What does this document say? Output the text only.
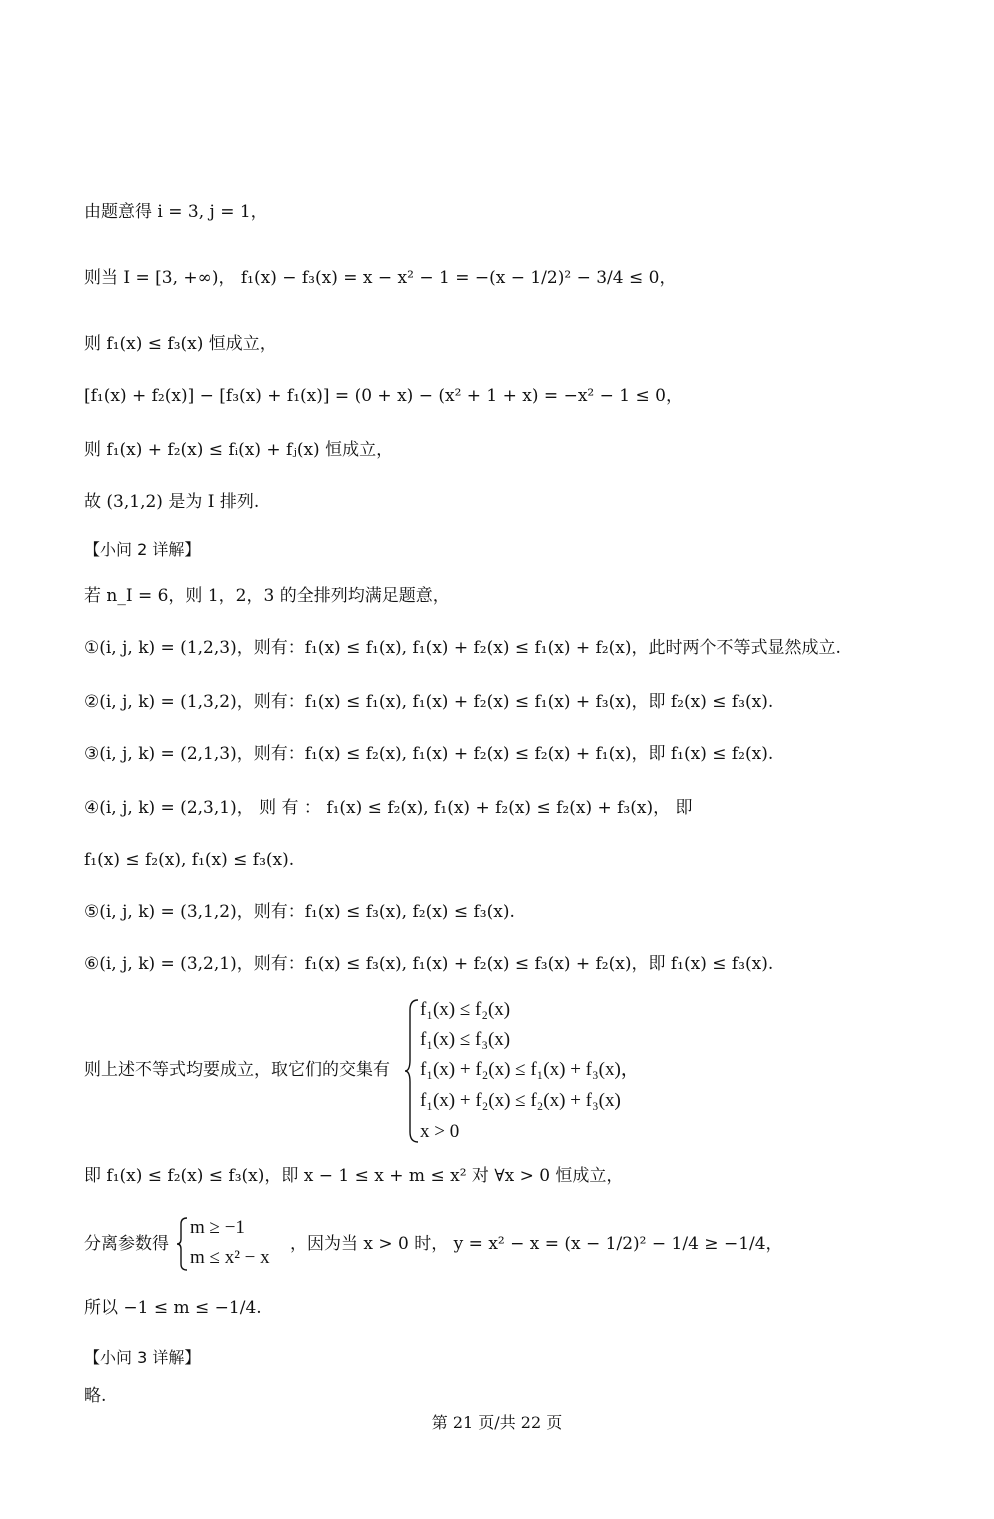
由题意得 i = 3, j = 1，
则当 I = [3, +∞)， f₁(x) − f₃(x) = x − x² − 1 = −(x − 1/2)² − 3/4 ≤ 0，
则 f₁(x) ≤ f₃(x) 恒成立，
[f₁(x) + f₂(x)] − [f₃(x) + f₁(x)] = (0 + x) − (x² + 1 + x) = −x² − 1 ≤ 0，
则 f₁(x) + f₂(x) ≤ fᵢ(x) + fⱼ(x) 恒成立，
故 (3,1,2) 是为 I 排列.
【小问 2 详解】
若 n_I = 6，则 1，2，3 的全排列均满足题意，
①(i, j, k) = (1,2,3)，则有：f₁(x) ≤ f₁(x), f₁(x) + f₂(x) ≤ f₁(x) + f₂(x)，此时两个不等式显然成立.
②(i, j, k) = (1,3,2)，则有：f₁(x) ≤ f₁(x), f₁(x) + f₂(x) ≤ f₁(x) + f₃(x)，即 f₂(x) ≤ f₃(x).
③(i, j, k) = (2,1,3)，则有：f₁(x) ≤ f₂(x), f₁(x) + f₂(x) ≤ f₂(x) + f₁(x)，即 f₁(x) ≤ f₂(x).
④(i, j, k) = (2,3,1)， 则 有 ： f₁(x) ≤ f₂(x), f₁(x) + f₂(x) ≤ f₂(x) + f₃(x)， 即
f₁(x) ≤ f₂(x), f₁(x) ≤ f₃(x).
⑤(i, j, k) = (3,1,2)，则有：f₁(x) ≤ f₃(x), f₂(x) ≤ f₃(x).
⑥(i, j, k) = (3,2,1)，则有：f₁(x) ≤ f₃(x), f₁(x) + f₂(x) ≤ f₃(x) + f₂(x)，即 f₁(x) ≤ f₃(x).
即 f₁(x) ≤ f₂(x) ≤ f₃(x)，即 x − 1 ≤ x + m ≤ x² 对 ∀x > 0 恒成立，
所以 −1 ≤ m ≤ −1/4.
【小问 3 详解】
略.
则上述不等式均要成立，取它们的交集有
f₁(x) ≤ f₂(x)
f₁(x) ≤ f₃(x)
f₁(x) + f₂(x) ≤ f₁(x) + f₃(x)，
f₁(x) + f₂(x) ≤ f₂(x) + f₃(x)
x > 0
分离参数得
m ≥ −1
m ≤ x² − x
，因为当 x > 0 时， y = x² − x = (x − 1/2)² − 1/4 ≥ −1/4，
第 21 页/共 22 页
